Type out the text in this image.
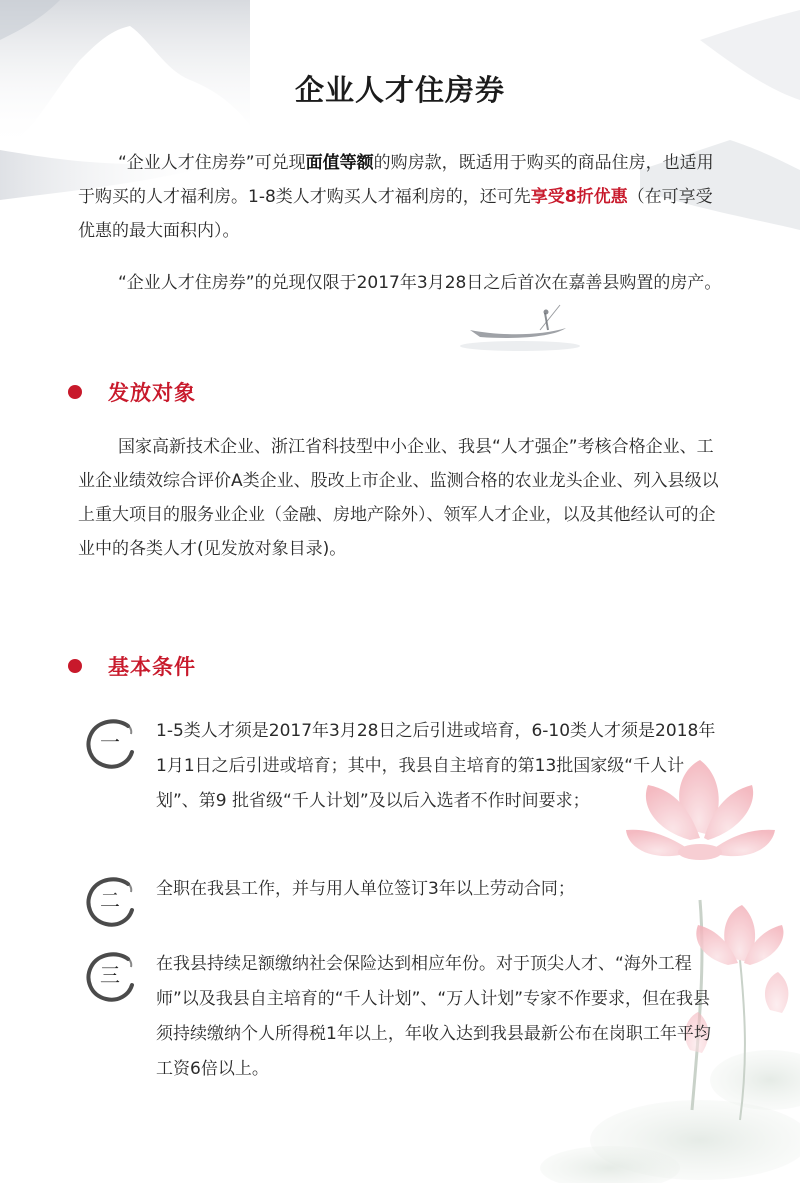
企业人才住房券

“企业人才住房券”可兑现面值等额的购房款，既适用于购买的商品住房，也适用于购买的人才福利房。1-8类人才购买人才福利房的，还可先享受8折优惠（在可享受优惠的最大面积内）。

“企业人才住房券”的兑现仅限于2017年3月28日之后首次在嘉善县购置的房产。

发放对象

国家高新技术企业、浙江省科技型中小企业、我县“人才强企”考核合格企业、工业企业绩效综合评价A类企业、股改上市企业、监测合格的农业龙头企业、列入县级以上重大项目的服务业企业（金融、房地产除外）、领军人才企业，以及其他经认可的企业中的各类人才(见发放对象目录)。

基本条件
一	1-5类人才须是2017年3月28日之后引进或培育，6-10类人才须是2018年1月1日之后引进或培育；其中，我县自主培育的第13批国家级“千人计划”、第9 批省级“千人计划”及以后入选者不作时间要求；
二	全职在我县工作，并与用人单位签订3年以上劳动合同；
三	在我县持续足额缴纳社会保险达到相应年份。对于顶尖人才、“海外工程师”以及我县自主培育的“千人计划”、“万人计划”专家不作要求，但在我县须持续缴纳个人所得税1年以上，年收入达到我县最新公布在岗职工年平均工资6倍以上。
